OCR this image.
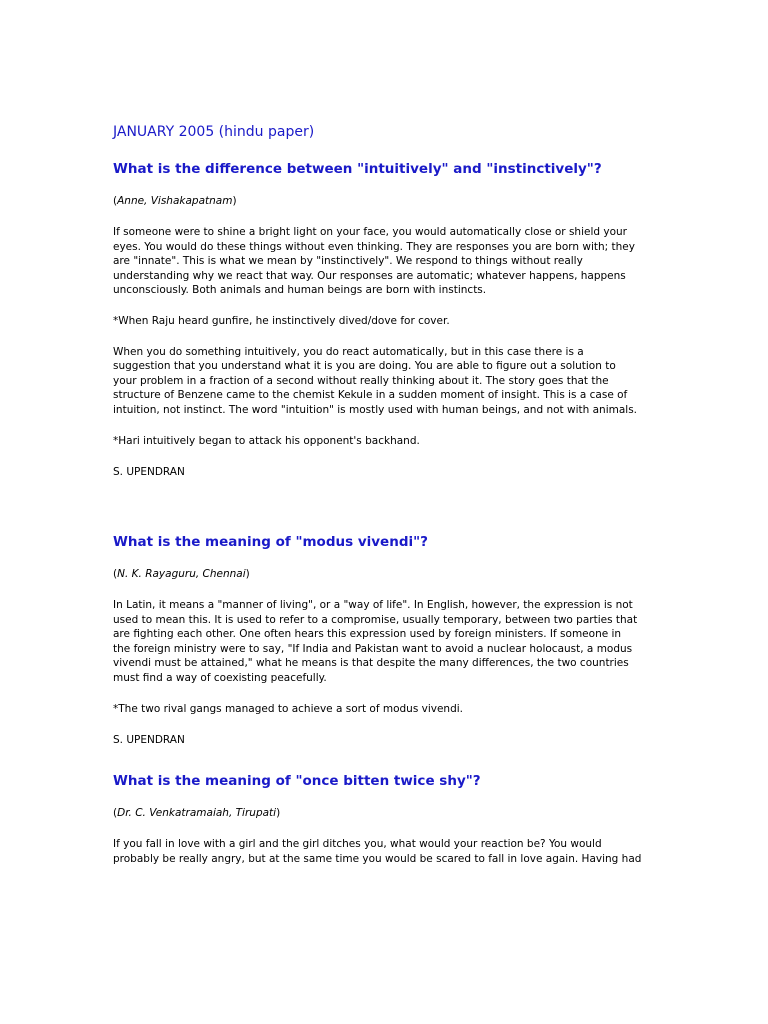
JANUARY 2005 (hindu paper)
What is the difference between "intuitively" and "instinctively"?

(Anne, Vishakapatnam)

If someone were to shine a bright light on your face, you would automatically close or shield your
eyes. You would do these things without even thinking. They are responses you are born with; they
are "innate". This is what we mean by "instinctively". We respond to things without really
understanding why we react that way. Our responses are automatic; whatever happens, happens
unconsciously. Both animals and human beings are born with instincts.

*When Raju heard gunfire, he instinctively dived/dove for cover.

When you do something intuitively, you do react automatically, but in this case there is a
suggestion that you understand what it is you are doing. You are able to figure out a solution to
your problem in a fraction of a second without really thinking about it. The story goes that the
structure of Benzene came to the chemist Kekule in a sudden moment of insight. This is a case of
intuition, not instinct. The word "intuition" is mostly used with human beings, and not with animals.

*Hari intuitively began to attack his opponent's backhand.

S. UPENDRAN

What is the meaning of "modus vivendi"?

(N. K. Rayaguru, Chennai)

In Latin, it means a "manner of living", or a "way of life". In English, however, the expression is not
used to mean this. It is used to refer to a compromise, usually temporary, between two parties that
are fighting each other. One often hears this expression used by foreign ministers. If someone in
the foreign ministry were to say, "If India and Pakistan want to avoid a nuclear holocaust, a modus
vivendi must be attained," what he means is that despite the many differences, the two countries
must find a way of coexisting peacefully.

*The two rival gangs managed to achieve a sort of modus vivendi.

S. UPENDRAN

What is the meaning of "once bitten twice shy"?

(Dr. C. Venkatramaiah, Tirupati)

If you fall in love with a girl and the girl ditches you, what would your reaction be? You would
probably be really angry, but at the same time you would be scared to fall in love again. Having had
